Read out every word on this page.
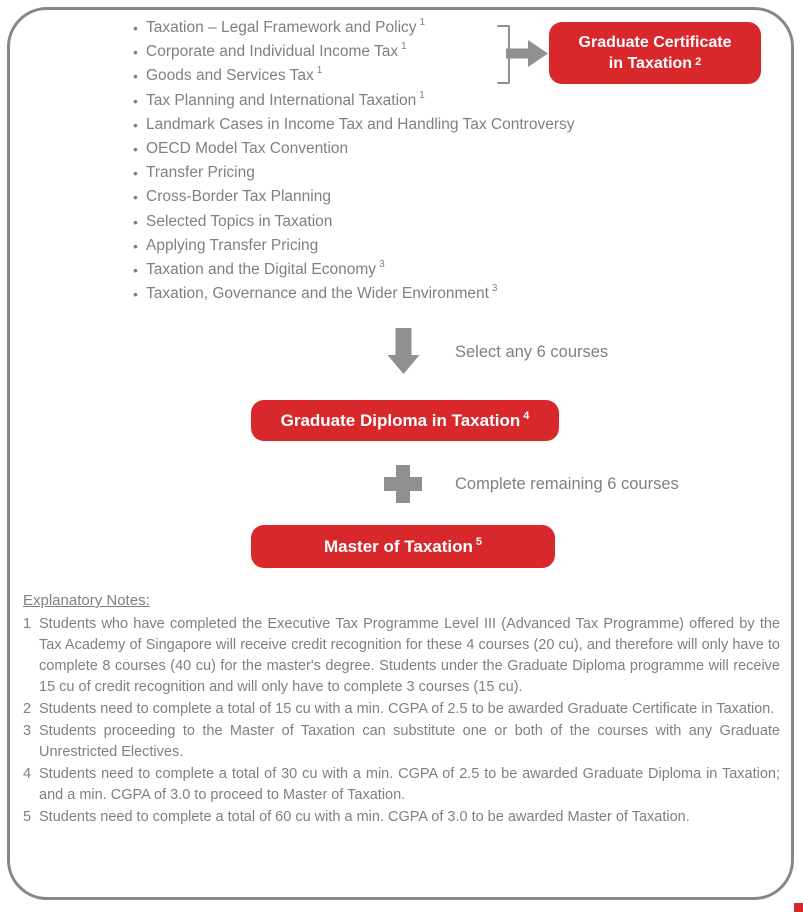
• Taxation – Legal Framework and Policy $^1$
• Corporate and Individual Income Tax $^1$
• Goods and Services Tax $^1$
• Tax Planning and International Taxation $^1$
• Landmark Cases in Income Tax and Handling Tax Controversy
• OECD Model Tax Convention
• Transfer Pricing
• Cross-Border Tax Planning
• Selected Topics in Taxation
• Applying Transfer Pricing
• Taxation and the Digital Economy $^3$
• Taxation, Governance and the Wider Environment $^3$
Graduate Certificate
in Taxation $^2$
Select any 6 courses
Graduate Diploma in Taxation $^4$
Complete remaining 6 courses
Master of Taxation $^5$
Explanatory Notes:
1 Students who have completed the Executive Tax Programme Level III (Advanced Tax Programme) offered by the Tax Academy of Singapore will receive credit recognition for these 4 courses (20 cu), and therefore will only have to complete 8 courses (40 cu) for the master's degree. Students under the Graduate Diploma programme will receive 15 cu of credit recognition and will only have to complete 3 courses (15 cu).
2 Students need to complete a total of 15 cu with a min. CGPA of 2.5 to be awarded Graduate Certificate in Taxation.
3 Students proceeding to the Master of Taxation can substitute one or both of the courses with any Graduate Unrestricted Electives.
4 Students need to complete a total of 30 cu with a min. CGPA of 2.5 to be awarded Graduate Diploma in Taxation; and a min. CGPA of 3.0 to proceed to Master of Taxation.
5 Students need to complete a total of 60 cu with a min. CGPA of 3.0 to be awarded Master of Taxation.
